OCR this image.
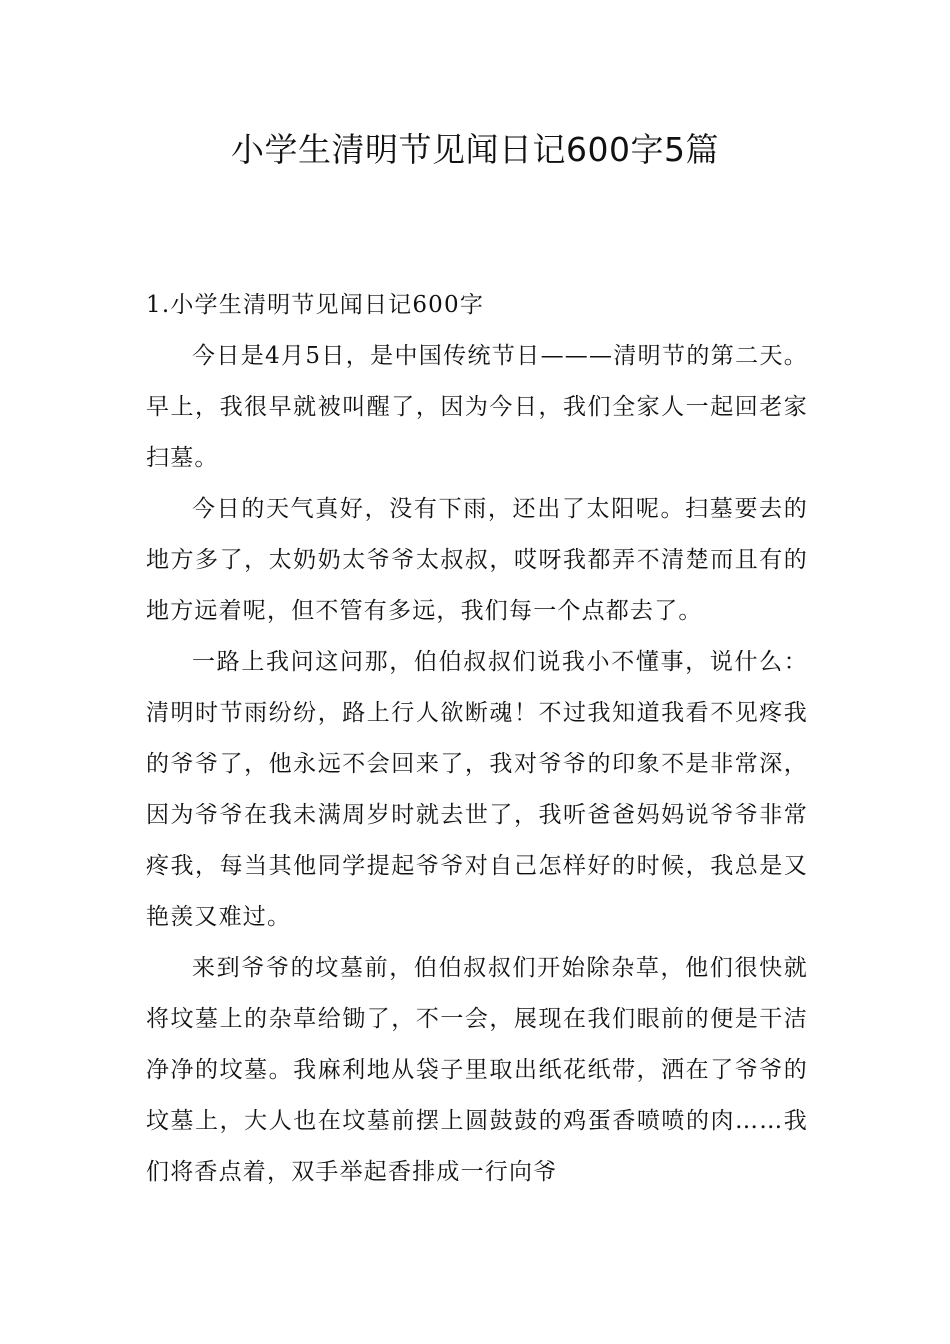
小学生清明节见闻日记600字5篇
1.小学生清明节见闻日记600字

今日是4月5日，是中国传统节日———清明节的第二天。早上，我很早就被叫醒了，因为今日，我们全家人一起回老家扫墓。

今日的天气真好，没有下雨，还出了太阳呢。扫墓要去的地方多了，太奶奶太爷爷太叔叔，哎呀我都弄不清楚而且有的地方远着呢，但不管有多远，我们每一个点都去了。

一路上我问这问那，伯伯叔叔们说我小不懂事，说什么：清明时节雨纷纷，路上行人欲断魂！不过我知道我看不见疼我的爷爷了，他永远不会回来了，我对爷爷的印象不是非常深，因为爷爷在我未满周岁时就去世了，我听爸爸妈妈说爷爷非常疼我，每当其他同学提起爷爷对自己怎样好的时候，我总是又艳羡又难过。

来到爷爷的坟墓前，伯伯叔叔们开始除杂草，他们很快就将坟墓上的杂草给锄了，不一会，展现在我们眼前的便是干洁净净的坟墓。我麻利地从袋子里取出纸花纸带，洒在了爷爷的坟墓上，大人也在坟墓前摆上圆鼓鼓的鸡蛋香喷喷的肉……我们将香点着，双手举起香排成一行向爷
